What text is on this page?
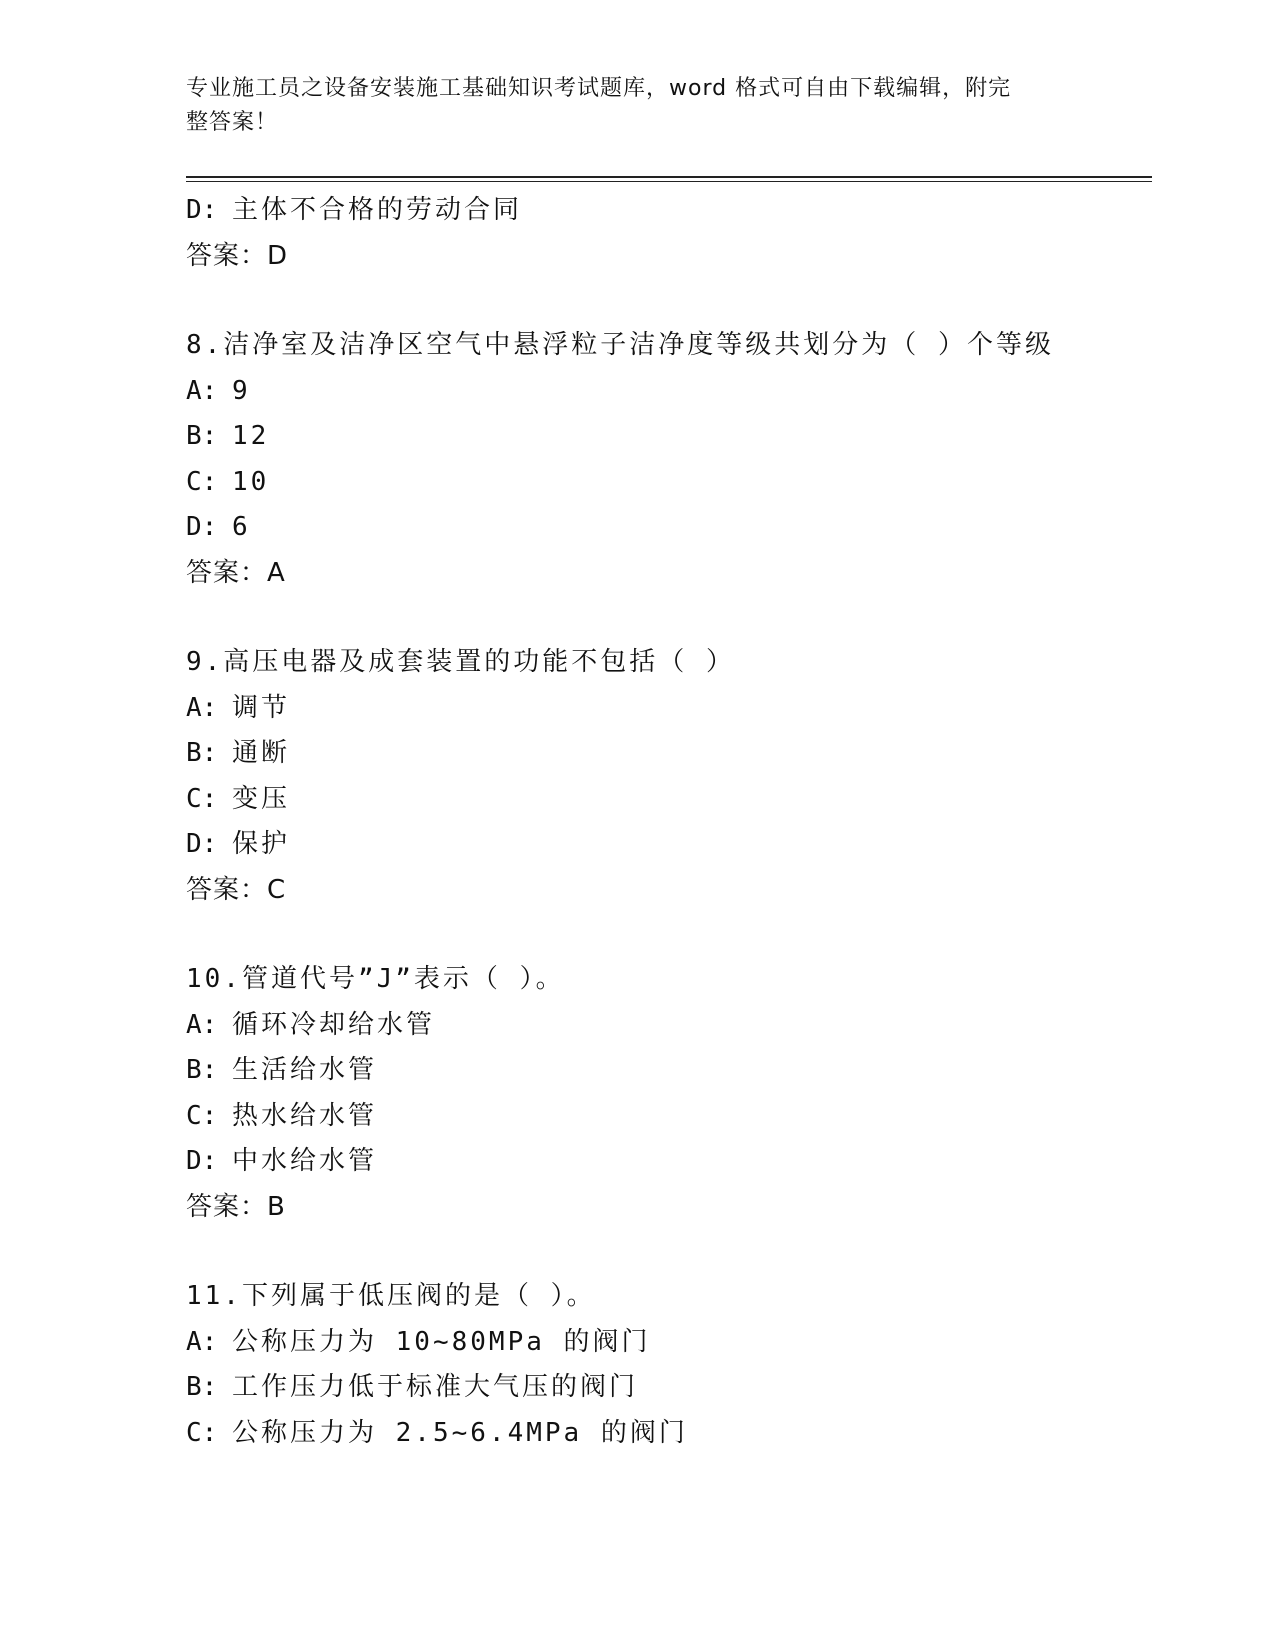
专业施工员之设备安装施工基础知识考试题库，word 格式可自由下载编辑，附完
整答案！
D: 主体不合格的劳动合同
答案：D
8.洁净室及洁净区空气中悬浮粒子洁净度等级共划分为（ ）个等级
A: 9
B: 12
C: 10
D: 6
答案：A
9.高压电器及成套装置的功能不包括（ ）
A: 调节
B: 通断
C: 变压
D: 保护
答案：C
10.管道代号”J”表示（ ）。
A: 循环冷却给水管
B: 生活给水管
C: 热水给水管
D: 中水给水管
答案：B
11.下列属于低压阀的是（ ）。
A: 公称压力为 10~80MPa 的阀门
B: 工作压力低于标准大气压的阀门
C: 公称压力为 2.5~6.4MPa 的阀门
